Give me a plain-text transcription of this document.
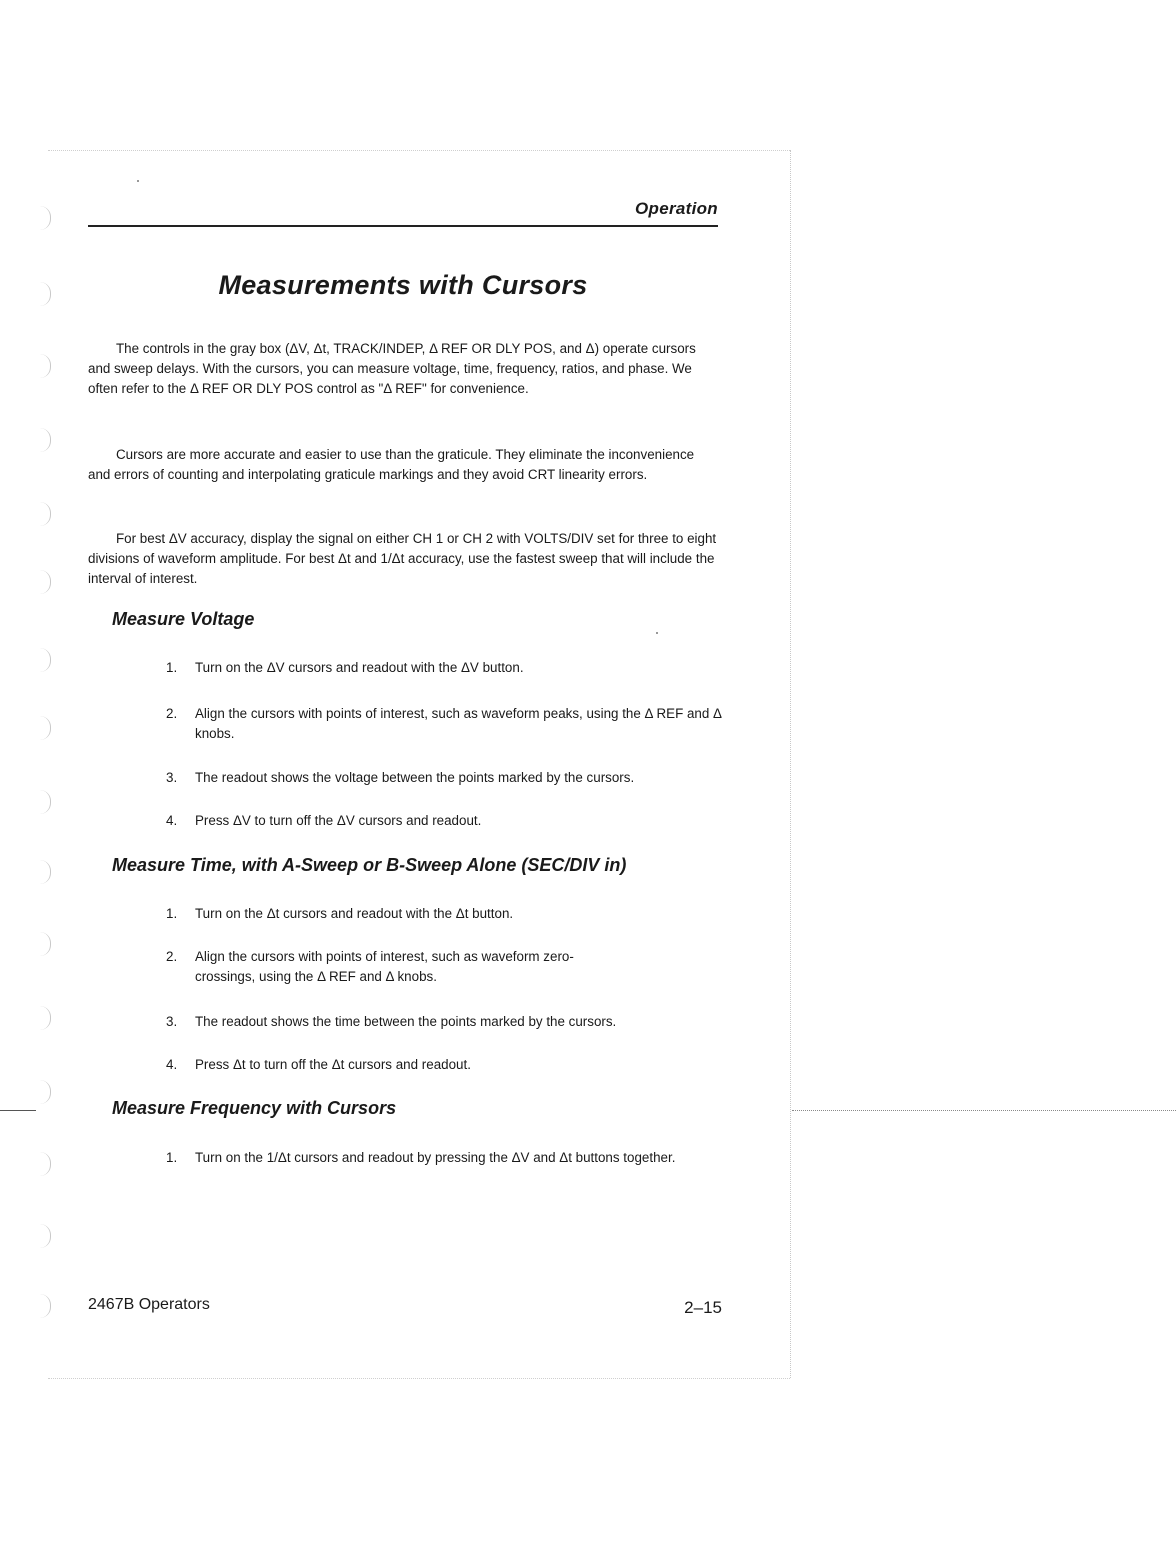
Operation
Measurements with Cursors

The controls in the gray box (ΔV, Δt, TRACK/INDEP, Δ REF OR DLY POS, and Δ) operate cursors and sweep delays. With the cursors, you can measure voltage, time, frequency, ratios, and phase. We often refer to the Δ REF OR DLY POS control as "Δ REF" for convenience.

Cursors are more accurate and easier to use than the graticule. They eliminate the inconvenience and errors of counting and interpolating graticule markings and they avoid CRT linearity errors.

For best ΔV accuracy, display the signal on either CH 1 or CH 2 with VOLTS/DIV set for three to eight divisions of waveform amplitude. For best Δt and 1/Δt accuracy, use the fastest sweep that will include the interval of interest.

Measure Voltage
1.	Turn on the ΔV cursors and readout with the ΔV button.
2.	Align the cursors with points of interest, such as waveform peaks, using the Δ REF and Δ knobs.
3.	The readout shows the voltage between the points marked by the cursors.
4.	Press ΔV to turn off the ΔV cursors and readout.
Measure Time, with A-Sweep or B-Sweep Alone (SEC/DIV in)
1.	Turn on the Δt cursors and readout with the Δt button.
2.	Align the cursors with points of interest, such as waveform zero-crossings, using the Δ REF and Δ knobs.
3.	The readout shows the time between the points marked by the cursors.
4.	Press Δt to turn off the Δt cursors and readout.
Measure Frequency with Cursors
1.	Turn on the 1/Δt cursors and readout by pressing the ΔV and Δt buttons together.
2467B Operators	2–15
